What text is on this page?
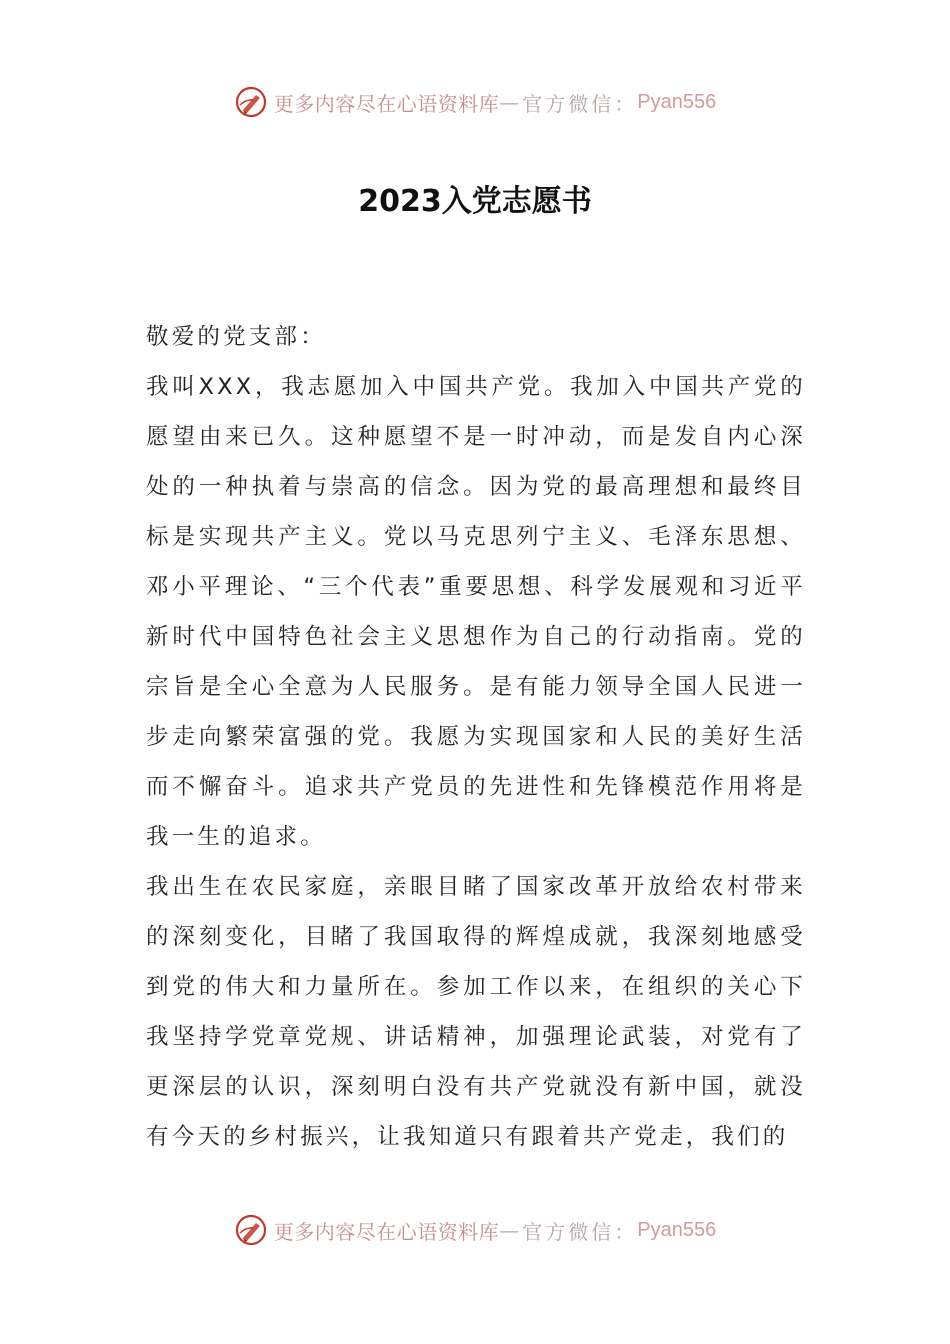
更多内容尽在心语资料库 — 官方微信： Pyan556
2023入党志愿书

敬爱的党支部：

我叫XXX，我志愿加入中国共产党。我加入中国共产党的愿望由来已久。这种愿望不是一时冲动，而是发自内心深处的一种执着与崇高的信念。因为党的最高理想和最终目标是实现共产主义。党以马克思列宁主义、毛泽东思想、邓小平理论、“三个代表”重要思想、科学发展观和习近平新时代中国特色社会主义思想作为自己的行动指南。党的宗旨是全心全意为人民服务。是有能力领导全国人民进一步走向繁荣富强的党。我愿为实现国家和人民的美好生活而不懈奋斗。追求共产党员的先进性和先锋模范作用将是我一生的追求。

我出生在农民家庭，亲眼目睹了国家改革开放给农村带来的深刻变化，目睹了我国取得的辉煌成就，我深刻地感受到党的伟大和力量所在。参加工作以来，在组织的关心下我坚持学党章党规、讲话精神，加强理论武装，对党有了更深层的认识，深刻明白没有共产党就没有新中国，就没有今天的乡村振兴，让我知道只有跟着共产党走，我们的

更多内容尽在心语资料库 — 官方微信： Pyan556
